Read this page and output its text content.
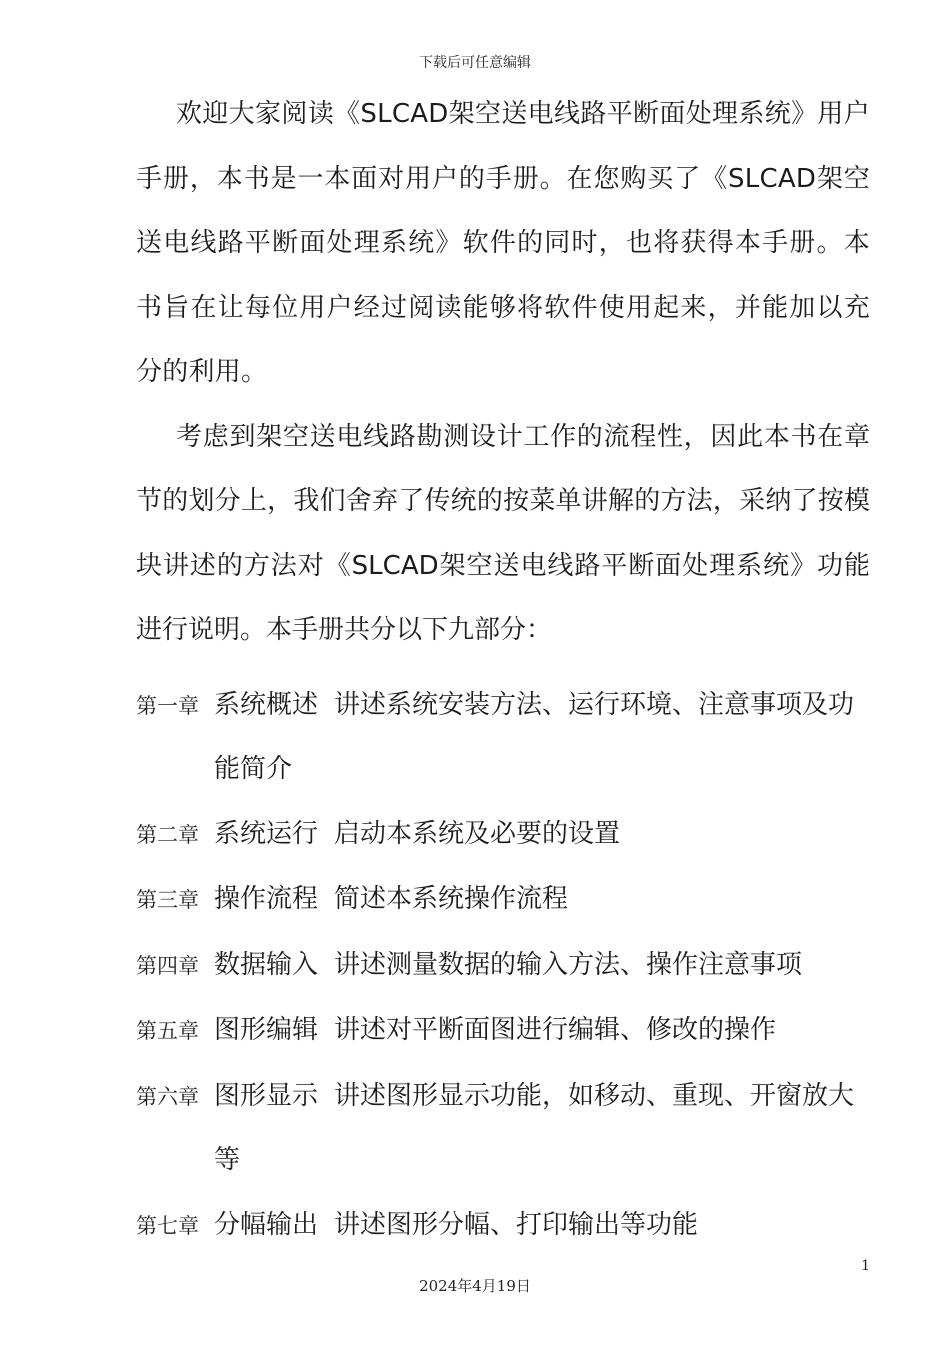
下载后可任意编辑

欢迎大家阅读《SLCAD架空送电线路平断面处理系统》用户手册，本书是一本面对用户的手册。在您购买了《SLCAD架空送电线路平断面处理系统》软件的同时，也将获得本手册。本书旨在让每位用户经过阅读能够将软件使用起来，并能加以充分的利用。

考虑到架空送电线路勘测设计工作的流程性，因此本书在章节的划分上，我们舍弃了传统的按菜单讲解的方法，采纳了按模块讲述的方法对《SLCAD架空送电线路平断面处理系统》功能进行说明。本手册共分以下九部分：

第一章 系统概述 讲述系统安装方法、运行环境、注意事项及功能简介
第二章 系统运行 启动本系统及必要的设置
第三章 操作流程 简述本系统操作流程
第四章 数据输入 讲述测量数据的输入方法、操作注意事项
第五章 图形编辑 讲述对平断面图进行编辑、修改的操作
第六章 图形显示 讲述图形显示功能，如移动、重现、开窗放大等
第七章 分幅输出 讲述图形分幅、打印输出等功能
1
2024年4月19日
